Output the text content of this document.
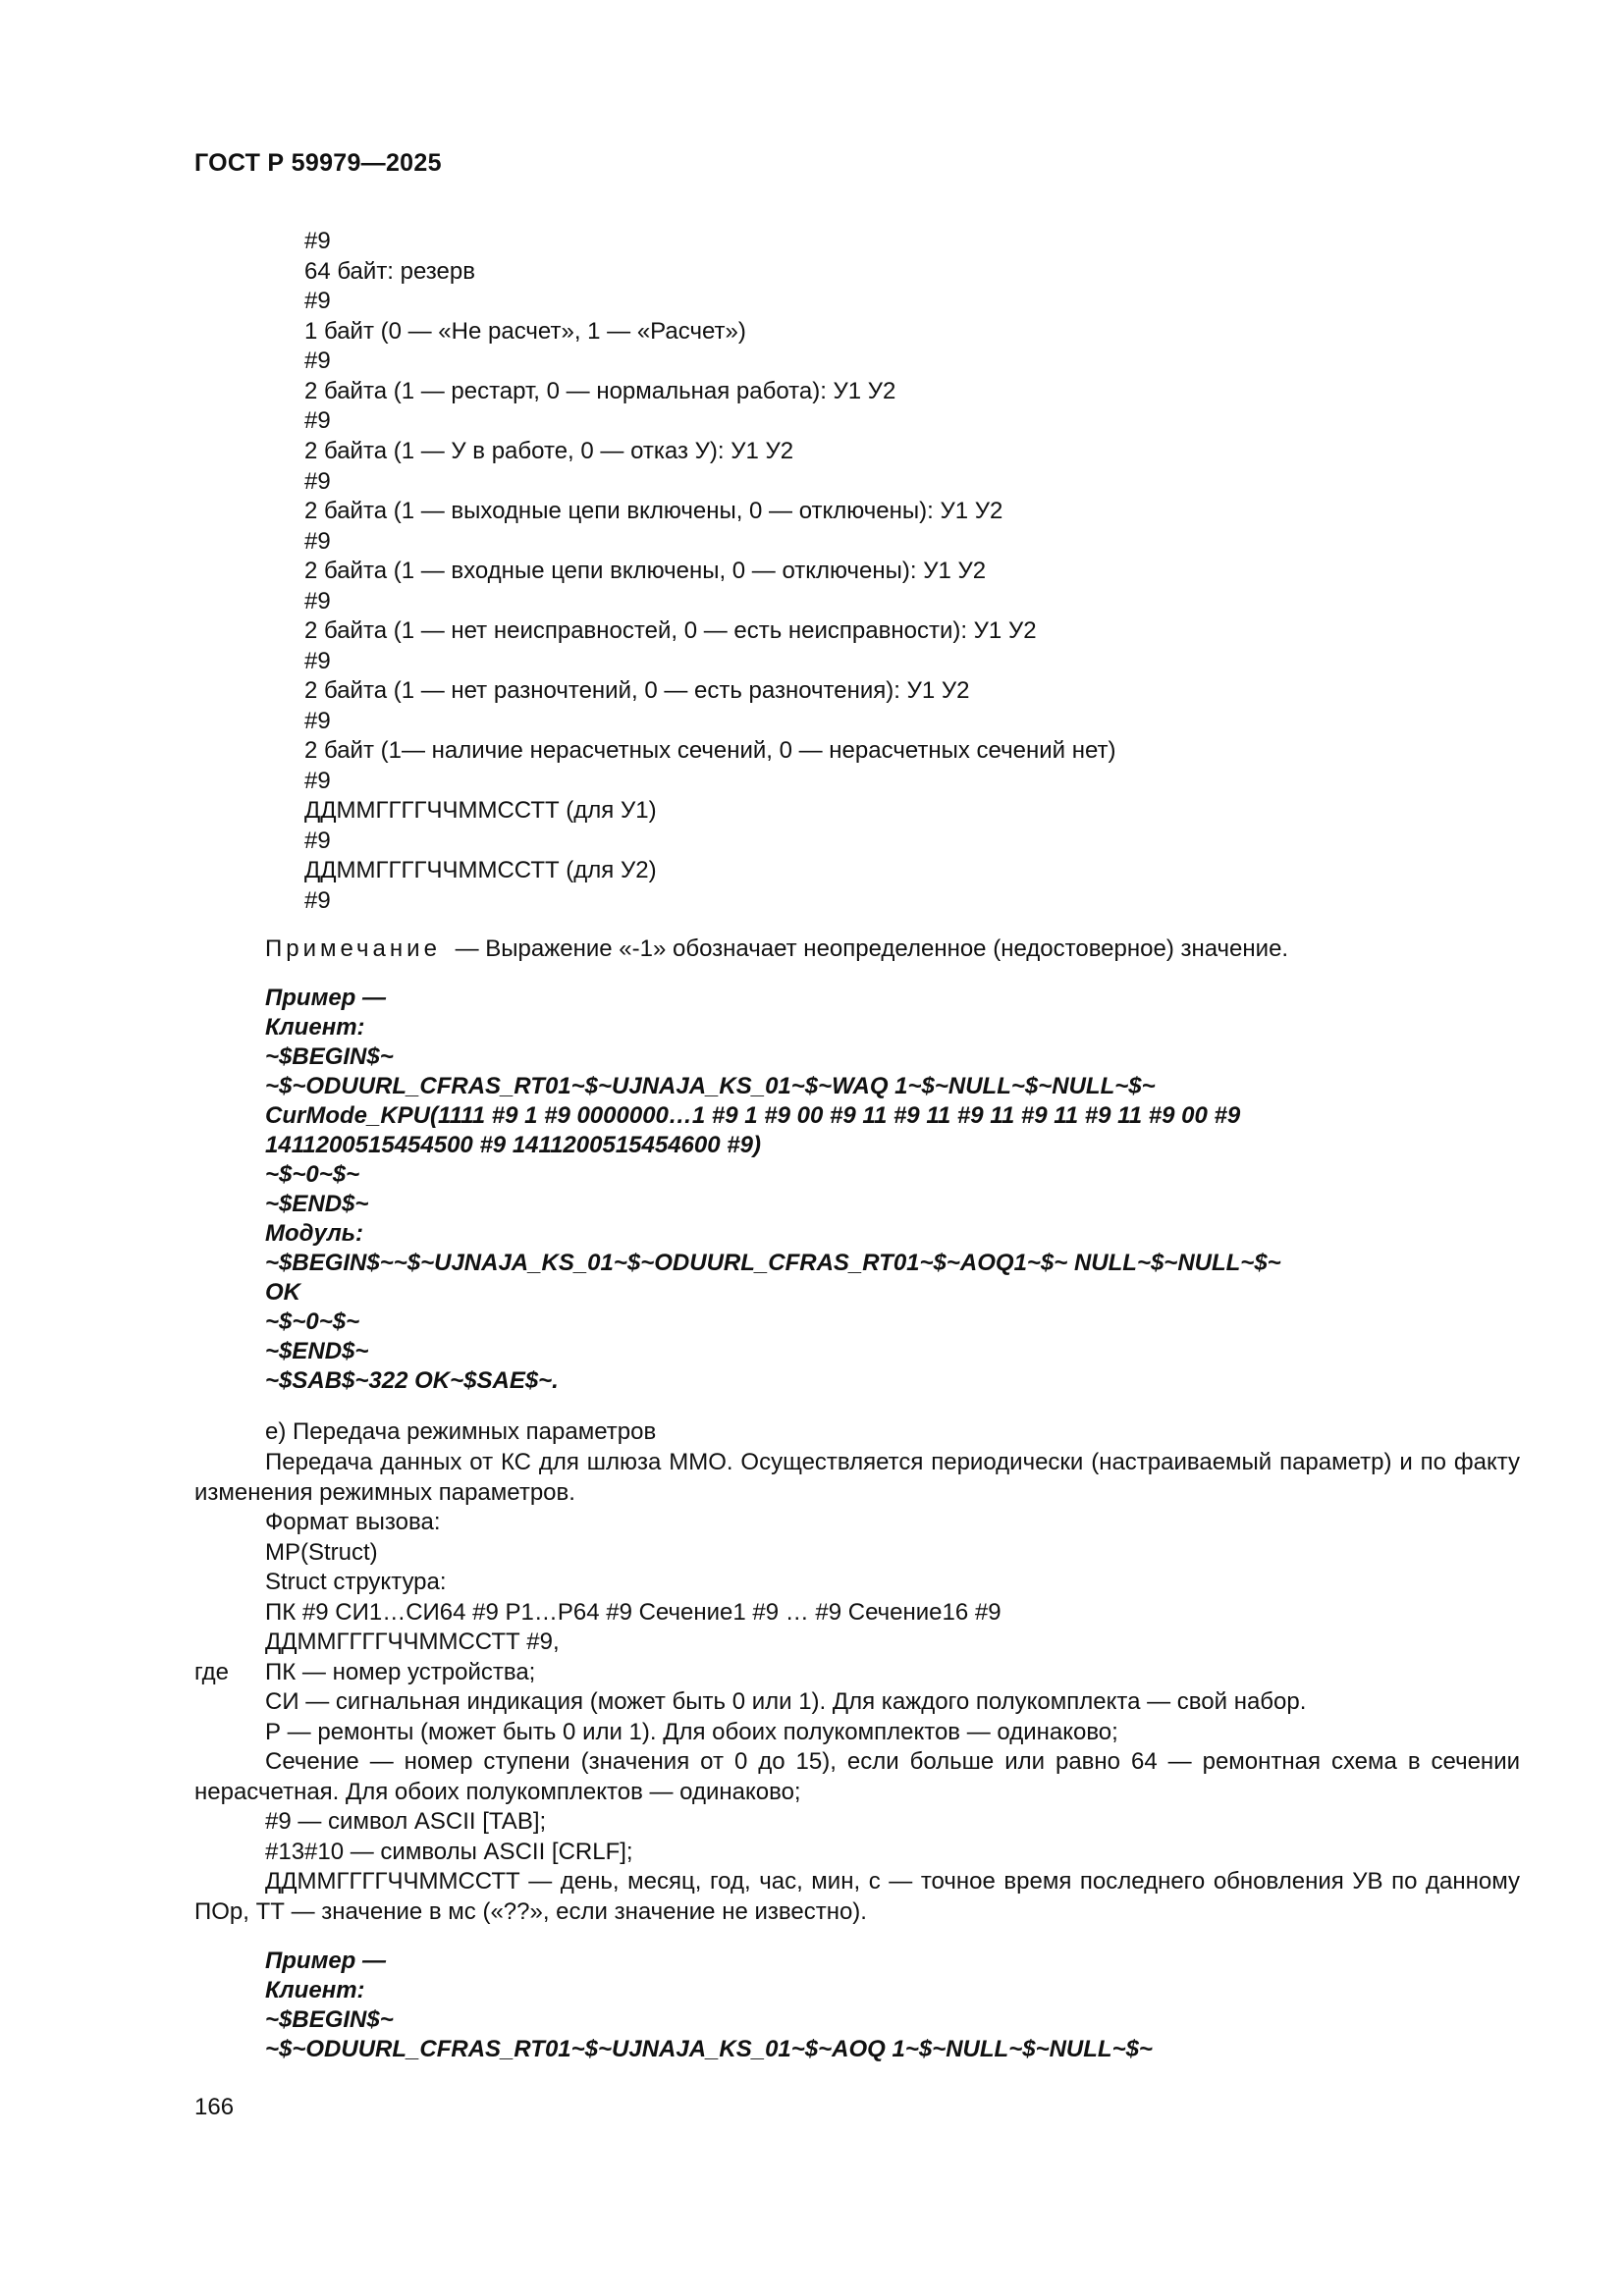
ГОСТ Р 59979—2025
#9
64 байт: резерв
#9
1 байт (0 — «Не расчет», 1 — «Расчет»)
#9
2 байта (1 — рестарт, 0 — нормальная работа): У1 У2
#9
2 байта (1 — У в работе, 0 — отказ У): У1 У2
#9
2 байта (1 — выходные цепи включены, 0 — отключены): У1 У2
#9
2 байта (1 — входные цепи включены, 0 — отключены): У1 У2
#9
2 байта (1 — нет неисправностей, 0 — есть неисправности): У1 У2
#9
2 байта (1 — нет разночтений, 0 — есть разночтения): У1 У2
#9
2 байт (1— наличие нерасчетных сечений, 0 — нерасчетных сечений нет)
#9
ДДММГГГГЧЧММССТТ (для У1)
#9
ДДММГГГГЧЧММССТТ (для У2)
#9
Примечание — Выражение «-1» обозначает неопределенное (недостоверное) значение.
Пример —
Клиент:
~$BEGIN$~
~$~ODUURL_CFRAS_RT01~$~UJNAJA_KS_01~$~WAQ 1~$~NULL~$~NULL~$~
CurMode_KPU(1111 #9 1 #9 0000000…1 #9 1 #9 00 #9 11 #9 11 #9 11 #9 11 #9 11 #9 00 #9
1411200515454500 #9 1411200515454600 #9)
~$~0~$~
~$END$~
Модуль:
~$BEGIN$~~$~UJNAJA_KS_01~$~ODUURL_CFRAS_RT01~$~AOQ1~$~ NULL~$~NULL~$~
OK
~$~0~$~
~$END$~
~$SAB$~322 OK~$SAE$~.
е) Передача режимных параметров
Передача данных от КС для шлюза ММО. Осуществляется периодически (настраиваемый параметр) и по факту изменения режимных параметров.
Формат вызова:
MP(Struct)
Struct структура:
ПК #9 СИ1…СИ64 #9 Р1…Р64 #9 Сечение1 #9 … #9 Сечение16 #9
ДДММГГГГЧЧММССТТ #9,
где ПК — номер устройства;
СИ — сигнальная индикация (может быть 0 или 1). Для каждого полукомплекта — свой набор.
Р — ремонты (может быть 0 или 1). Для обоих полукомплектов — одинаково;
Сечение — номер ступени (значения от 0 до 15), если больше или равно 64 — ремонтная схема в сечении нерасчетная. Для обоих полукомплектов — одинаково;
#9 — символ ASCII [TAB];
#13#10 — символы ASCII [CRLF];
ДДММГГГГЧЧММССТТ — день, месяц, год, час, мин, с — точное время последнего обновления УВ по данному ПОр, ТТ — значение в мс («??», если значение не известно).
Пример —
Клиент:
~$BEGIN$~
~$~ODUURL_CFRAS_RT01~$~UJNAJA_KS_01~$~AOQ 1~$~NULL~$~NULL~$~
166
